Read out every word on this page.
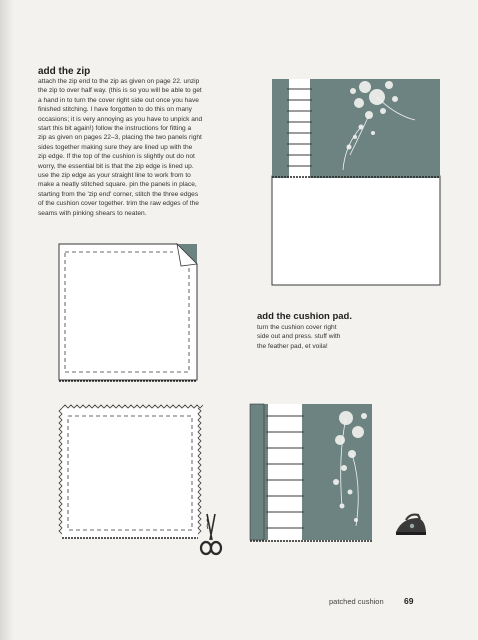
add the zip
attach the zip end to the zip as given on page 22. unzip
the zip to over half way. (this is so you will be able to get
a hand in to turn the cover right side out once you have
finished stitching. I have forgotten to do this on many
occasions; it is very annoying as you have to unpick and
start this bit again!) follow the instructions for fitting a
zip as given on pages 22–3, placing the two panels right
sides together making sure they are lined up with the
zip edge. If the top of the cushion is slightly out do not
worry, the essential bit is that the zip edge is lined up.
use the zip edge as your straight line to work from to
make a neatly stitched square. pin the panels in place,
starting from the 'zip end' corner, stitch the three edges
of the cushion cover together. trim the raw edges of the
seams with pinking shears to neaten.
add the cushion pad.
turn the cushion cover right
side out and press. stuff with
the feather pad, et voila!
patched cushion 69
